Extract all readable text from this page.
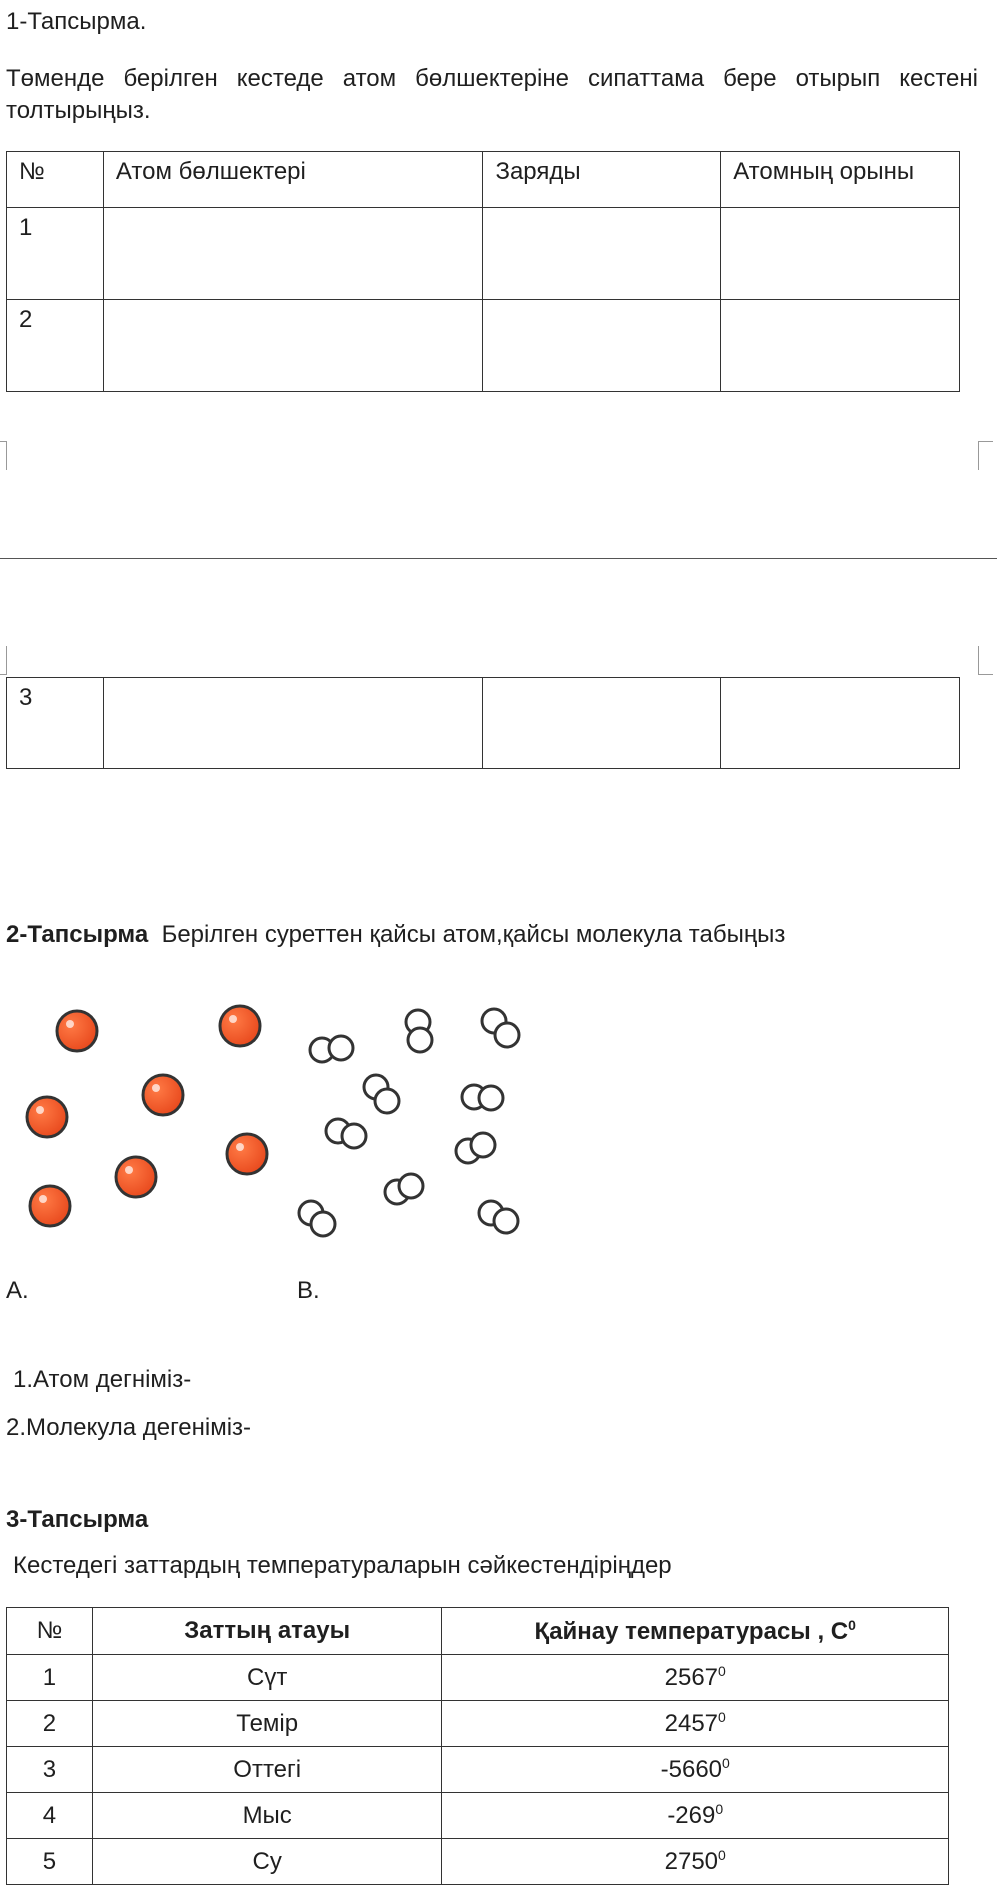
1-Тапсырма.
Төменде берілген кестеде атом бөлшектеріне сипаттама бере отырып кестені толтырыңыз.
№	Атом бөлшектері	Заряды	Атомның орыны
1			
2			
3			
2-Тапсырма Берілген суреттен қайсы атом,қайсы молекула табыңыз
А.	В.
1.Атом дегніміз-
2.Молекула дегеніміз-
3-Тапсырма
Кестедегі заттардың температураларын сәйкестендіріңдер
№	Заттың атауы	Қайнау температурасы , $С^0$
1	Сүт	2567$^0$
2	Темір	2457$^0$
3	Оттегі	-5660$^0$
4	Мыс	$-269^0$
5	Су	2750$^0$
